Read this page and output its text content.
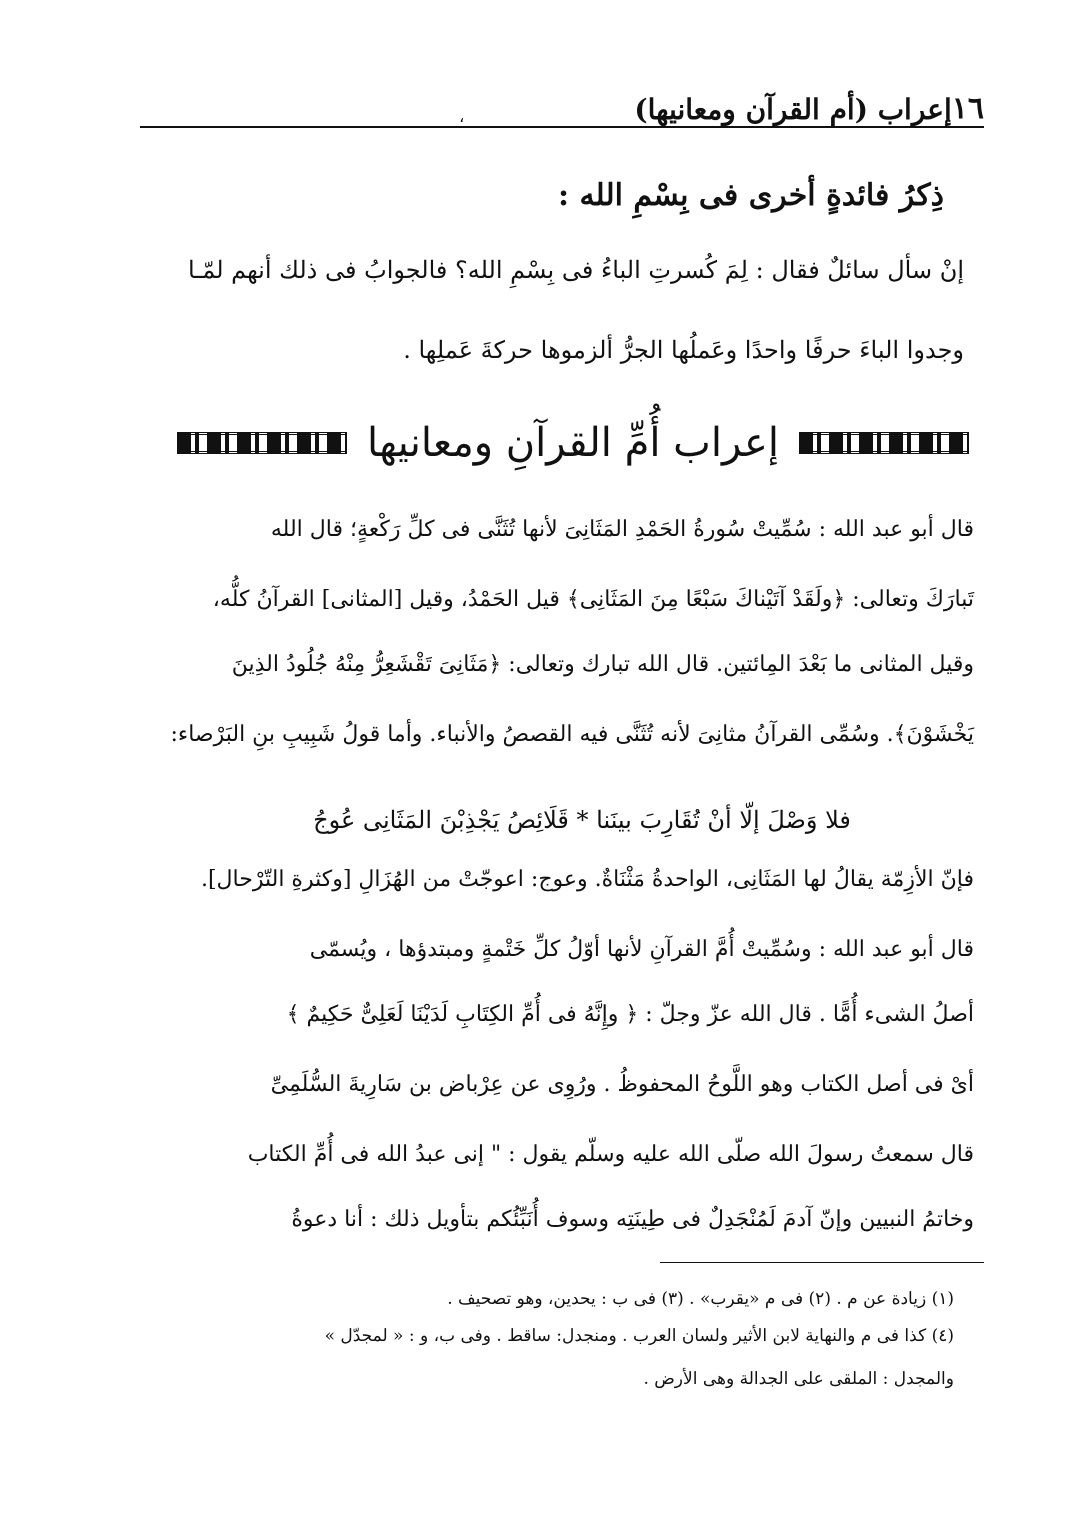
١٦
إعراب (أم القرآن ومعانيها)
،
ذِكرُ فائدةٍ أخرى فى بِسْمِ الله :
إنْ سأل سائلٌ فقال : لِمَ كُسرتِ الباءُ فى بِسْمِ الله؟ فالجوابُ فى ذلك أنهم لمّـا
وجدوا الباءَ حرفًا واحدًا وعَملُها الجرُّ ألزموها حركةَ عَملِها .
إعراب أُمِّ القرآنِ ومعانيها
قال أبو عبد الله : سُمِّيتْ سُورةُ الحَمْدِ المَثَانِىَ لأنها تُثَنَّى فى كلِّ رَكْعةٍ؛ قال الله
تَبارَكَ وتعالى: ﴿ولَقَدْ آتَيْناكَ سَبْعًا مِنَ المَثَانِى﴾ قيل الحَمْدُ، وقيل [المثانى] القرآنُ كلُّه،
وقيل المثانى ما بَعْدَ المِائتين. قال الله تبارك وتعالى: ﴿مَثَانِىَ تَقْشَعِرُّ مِنْهُ جُلُودُ الذِينَ
يَخْشَوْنَ﴾. وسُمِّى القرآنُ مثانِىَ لأنه تُثَنَّى فيه القصصُ والأنباء. وأما قولُ شَبِيبِ بنِ البَرْصاء:
فلا وَصْلَ إلّا أنْ تُقَارِبَ بينَنا * قَلَائِصُ يَجْذِبْنَ المَثَانِى عُوجُ
فإنّ الأزِمّة يقالُ لها المَثَانِى، الواحدةُ مَثْنَاةٌ. وعوج: اعوجّتْ من الهُزَالِ [وكثرةِ التّرْحال].
قال أبو عبد الله : وسُمِّيتْ أُمَّ القرآنِ لأنها أوّلُ كلِّ خَتْمةٍ ومبتدؤها ، ويُسمّى
أصلُ الشىء أُمًّا . قال الله عزّ وجلّ : ﴿ وإِنَّهُ فى أُمِّ الكِتَابِ لَدَيْنَا لَعَلِىٌّ حَكِيمٌ ﴾
أىْ فى أصل الكتاب وهو اللَّوحُ المحفوظُ . ورُوِى عن عِرْباض بن سَارِيةَ السُّلَمِىِّ
قال سمعتُ رسولَ الله صلّى الله عليه وسلّم يقول : " إنى عبدُ الله فى أُمِّ الكتاب
وخاتمُ النبيين وإنّ آدمَ لَمُنْجَدِلٌ فى طِينَتِه وسوف أُنَبِّئُكم بتأويل ذلك : أنا دعوةُ
(١) زيادة عن م . (٢) فى م «يقرب» . (٣) فى ب : يحدين، وهو تصحيف .
(٤) كذا فى م والنهاية لابن الأثير ولسان العرب . ومنجدل: ساقط . وفى ب، و : « لمجدّل »
والمجدل : الملقى على الجدالة وهى الأرض .
